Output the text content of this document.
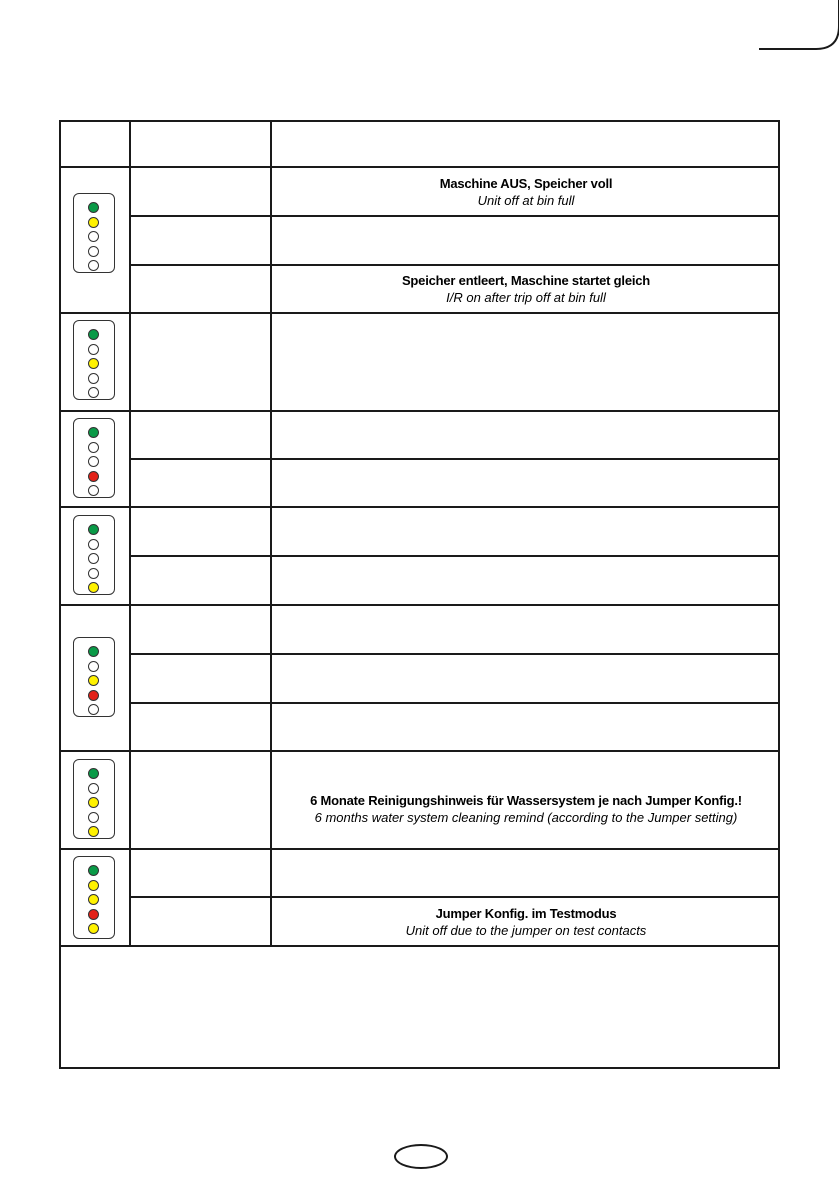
Maschine AUS, Speicher voll
Unit off at bin full
Speicher entleert, Maschine startet gleich
I/R on after trip off at bin full
6 Monate Reinigungshinweis für Wassersystem je nach Jumper Konfig.!
6 months water system cleaning remind (according to the Jumper setting)
Jumper Konfig. im Testmodus
Unit off due to the jumper on test contacts
